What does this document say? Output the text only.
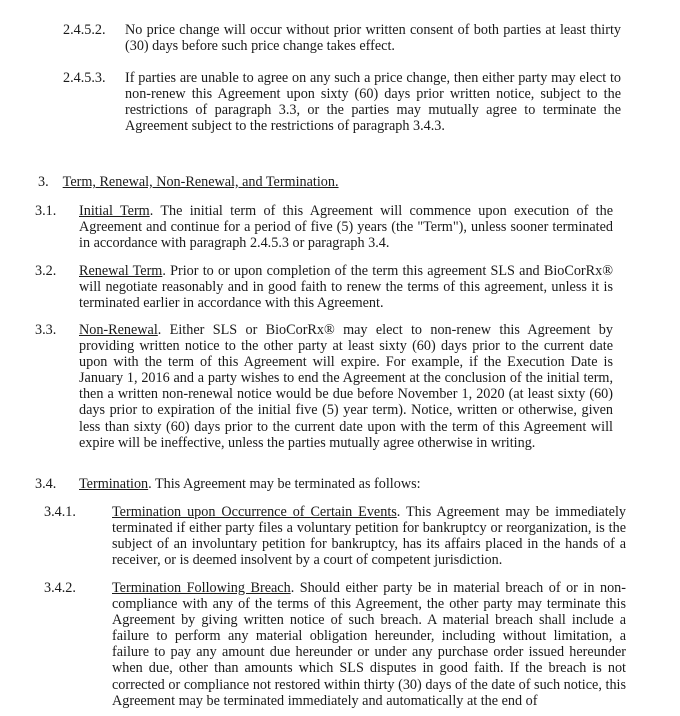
2.4.5.2. No price change will occur without prior written consent of both parties at least thirty (30) days before such price change takes effect.
2.4.5.3. If parties are unable to agree on any such a price change, then either party may elect to non-renew this Agreement upon sixty (60) days prior written notice, subject to the restrictions of paragraph 3.3, or the parties may mutually agree to terminate the Agreement subject to the restrictions of paragraph 3.4.3.
3. Term, Renewal, Non-Renewal, and Termination.
3.1. Initial Term. The initial term of this Agreement will commence upon execution of the Agreement and continue for a period of five (5) years (the "Term"), unless sooner terminated in accordance with paragraph 2.4.5.3 or paragraph 3.4.
3.2. Renewal Term. Prior to or upon completion of the term this agreement SLS and BioCorRx® will negotiate reasonably and in good faith to renew the terms of this agreement, unless it is terminated earlier in accordance with this Agreement.
3.3. Non-Renewal. Either SLS or BioCorRx® may elect to non-renew this Agreement by providing written notice to the other party at least sixty (60) days prior to the current date upon with the term of this Agreement will expire. For example, if the Execution Date is January 1, 2016 and a party wishes to end the Agreement at the conclusion of the initial term, then a written non-renewal notice would be due before November 1, 2020 (at least sixty (60) days prior to expiration of the initial five (5) year term). Notice, written or otherwise, given less than sixty (60) days prior to the current date upon with the term of this Agreement will expire will be ineffective, unless the parties mutually agree otherwise in writing.
3.4. Termination. This Agreement may be terminated as follows:
3.4.1.	Termination upon Occurrence of Certain Events. This Agreement may be immediately terminated if either party files a voluntary petition for bankruptcy or reorganization, is the subject of an involuntary petition for bankruptcy, has its affairs placed in the hands of a receiver, or is deemed insolvent by a court of competent jurisdiction.
3.4.2.	Termination Following Breach. Should either party be in material breach of or in non-compliance with any of the terms of this Agreement, the other party may terminate this Agreement by giving written notice of such breach. A material breach shall include a failure to perform any material obligation hereunder, including without limitation, a failure to pay any amount due hereunder or under any purchase order issued hereunder when due, other than amounts which SLS disputes in good faith. If the breach is not corrected or compliance not restored within thirty (30) days of the date of such notice, this Agreement may be terminated immediately and automatically at the end of
